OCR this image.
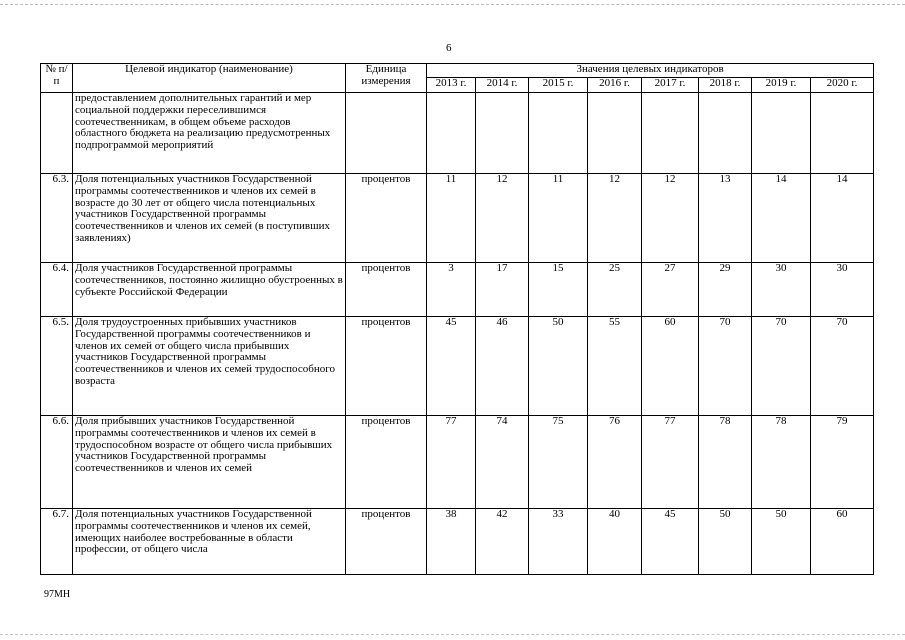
6
№ п/п	Целевой индикатор (наименование)	Единица измерения	Значения целевых индикаторов							
			2013 г.	2014 г.	2015 г.	2016 г.	2017 г.	2018 г.	2019 г.	2020 г.
	предоставлением дополнительных гарантий и мер социальной поддержки переселившимся соотечественникам, в общем объеме расходов областного бюджета на реализацию предусмотренных подпрограммой мероприятий									
6.3.	Доля потенциальных участников Государственной программы соотечественников и членов их семей в возрасте до 30 лет от общего числа потенциальных участников Государственной программы соотечественников и членов их семей (в поступивших заявлениях)	процентов	11	12	11	12	12	13	14	14
6.4.	Доля участников Государственной программы соотечественников, постоянно жилищно обустроенных в субъекте Российской Федерации	процентов	3	17	15	25	27	29	30	30
6.5.	Доля трудоустроенных прибывших участников Государственной программы соотечественников и членов их семей от общего числа прибывших участников Государственной программы соотечественников и членов их семей трудоспособного возраста	процентов	45	46	50	55	60	70	70	70
6.6.	Доля прибывших участников Государственной программы соотечественников и членов их семей в трудоспособном возрасте от общего числа прибывших участников Государственной программы соотечественников и членов их семей	процентов	77	74	75	76	77	78	78	79
6.7.	Доля потенциальных участников Государственной программы соотечественников и членов их семей, имеющих наиболее востребованные в области профессии, от общего числа	процентов	38	42	33	40	45	50	50	60
97МН
